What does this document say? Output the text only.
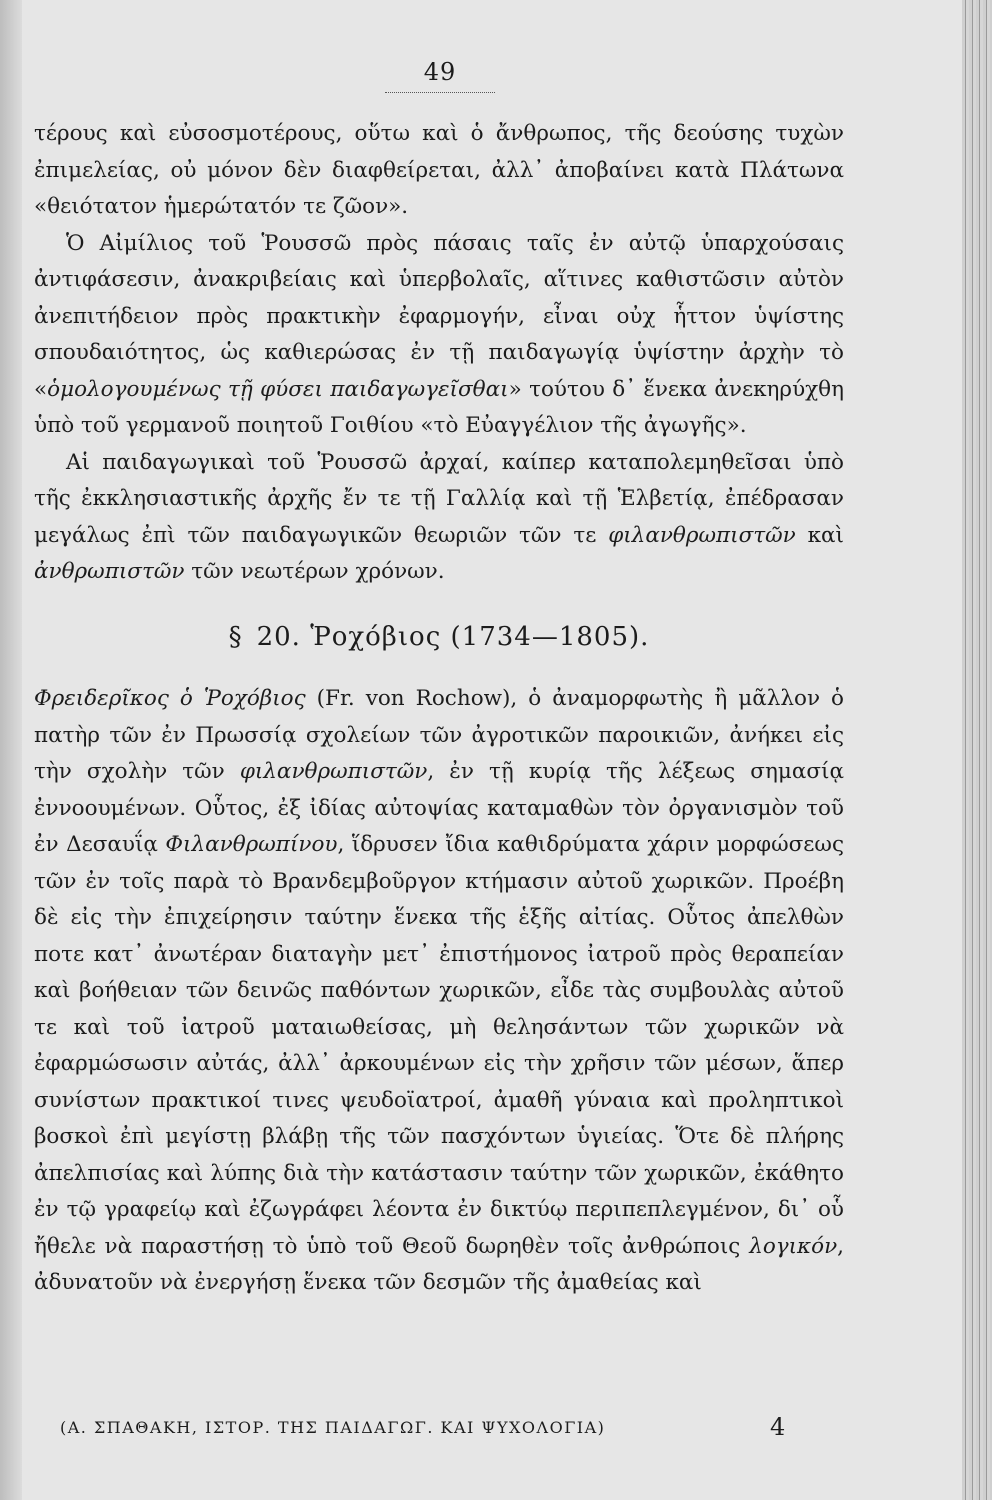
49

τέρους καὶ εὐσοσμοτέρους, οὕτω καὶ ὁ ἄνθρωπος, τῆς δεούσης τυχὼν ἐπιμελείας, οὐ μόνον δὲν διαφθείρεται, ἀλλ᾽ ἀποβαίνει κατὰ Πλάτωνα «θειότατον ἡμερώτατόν τε ζῶον».

Ὁ Αἰμίλιος τοῦ Ῥουσσῶ πρὸς πάσαις ταῖς ἐν αὐτῷ ὑπαρχούσαις ἀντιφάσεσιν, ἀνακριβείαις καὶ ὑπερβολαῖς, αἵτινες καθιστῶσιν αὐτὸν ἀνεπιτήδειον πρὸς πρακτικὴν ἐφαρμογήν, εἶναι οὐχ ἧττον ὑψίστης σπουδαιότητος, ὡς καθιερώσας ἐν τῇ παιδαγωγίᾳ ὑψίστην ἀρχὴν τὸ «ὁμολογουμένως τῇ φύσει παιδαγωγεῖσθαι» τούτου δ᾽ ἕνεκα ἀνεκηρύχθη ὑπὸ τοῦ γερμανοῦ ποιητοῦ Γοιθίου «τὸ Εὐαγγέλιον τῆς ἀγωγῆς».

Αἱ παιδαγωγικαὶ τοῦ Ῥουσσῶ ἀρχαί, καίπερ καταπολεμηθεῖσαι ὑπὸ τῆς ἐκκλησιαστικῆς ἀρχῆς ἔν τε τῇ Γαλλίᾳ καὶ τῇ Ἑλβετίᾳ, ἐπέδρασαν μεγάλως ἐπὶ τῶν παιδαγωγικῶν θεωριῶν τῶν τε φιλανθρωπιστῶν καὶ ἀνθρωπιστῶν τῶν νεωτέρων χρόνων.

§ 20. Ῥοχόβιος (1734—1805).

Φρειδερῖκος ὁ Ῥοχόβιος (Fr. von Rochow), ὁ ἀναμορφωτὴς ἢ μᾶλλον ὁ πατὴρ τῶν ἐν Πρωσσίᾳ σχολείων τῶν ἀγροτικῶν παροικιῶν, ἀνήκει εἰς τὴν σχολὴν τῶν φιλανθρωπιστῶν, ἐν τῇ κυρίᾳ τῆς λέξεως σημασίᾳ ἐννοουμένων. Οὗτος, ἐξ ἰδίας αὐτοψίας καταμαθὼν τὸν ὀργανισμὸν τοῦ ἐν Δεσαυΐᾳ Φιλανθρωπίνου, ἵδρυσεν ἴδια καθιδρύματα χάριν μορφώσεως τῶν ἐν τοῖς παρὰ τὸ Βρανδεμβοῦργον κτήμασιν αὐτοῦ χωρικῶν. Προέβη δὲ εἰς τὴν ἐπιχείρησιν ταύτην ἕνεκα τῆς ἑξῆς αἰτίας. Οὗτος ἀπελθὼν ποτε κατ᾽ ἀνωτέραν διαταγὴν μετ᾽ ἐπιστήμονος ἰατροῦ πρὸς θεραπείαν καὶ βοήθειαν τῶν δεινῶς παθόντων χωρικῶν, εἶδε τὰς συμβουλὰς αὐτοῦ τε καὶ τοῦ ἰατροῦ ματαιωθείσας, μὴ θελησάντων τῶν χωρικῶν νὰ ἐφαρμώσωσιν αὐτάς, ἀλλ᾽ ἀρκουμένων εἰς τὴν χρῆσιν τῶν μέσων, ἅπερ συνίστων πρακτικοί τινες ψευδοϊατροί, ἀμαθῆ γύναια καὶ προληπτικοὶ βοσκοὶ ἐπὶ μεγίστῃ βλάβῃ τῆς τῶν πασχόντων ὑγιείας. Ὅτε δὲ πλήρης ἀπελπισίας καὶ λύπης διὰ τὴν κατάστασιν ταύτην τῶν χωρικῶν, ἐκάθητο ἐν τῷ γραφείῳ καὶ ἐζωγράφει λέοντα ἐν δικτύῳ περιπεπλεγμένον, δι᾽ οὗ ἤθελε νὰ παραστήσῃ τὸ ὑπὸ τοῦ Θεοῦ δωρηθὲν τοῖς ἀνθρώποις λογικόν, ἀδυνατοῦν νὰ ἐνεργήσῃ ἕνεκα τῶν δεσμῶν τῆς ἀμαθείας καὶ

(Α. ΣΠΑΘΑΚΗ, ΙΣΤΟΡ. ΤΗΣ ΠΑΙΔΑΓΩΓ. ΚΑΙ ΨΥΧΟΛΟΓΙΑ)	4
